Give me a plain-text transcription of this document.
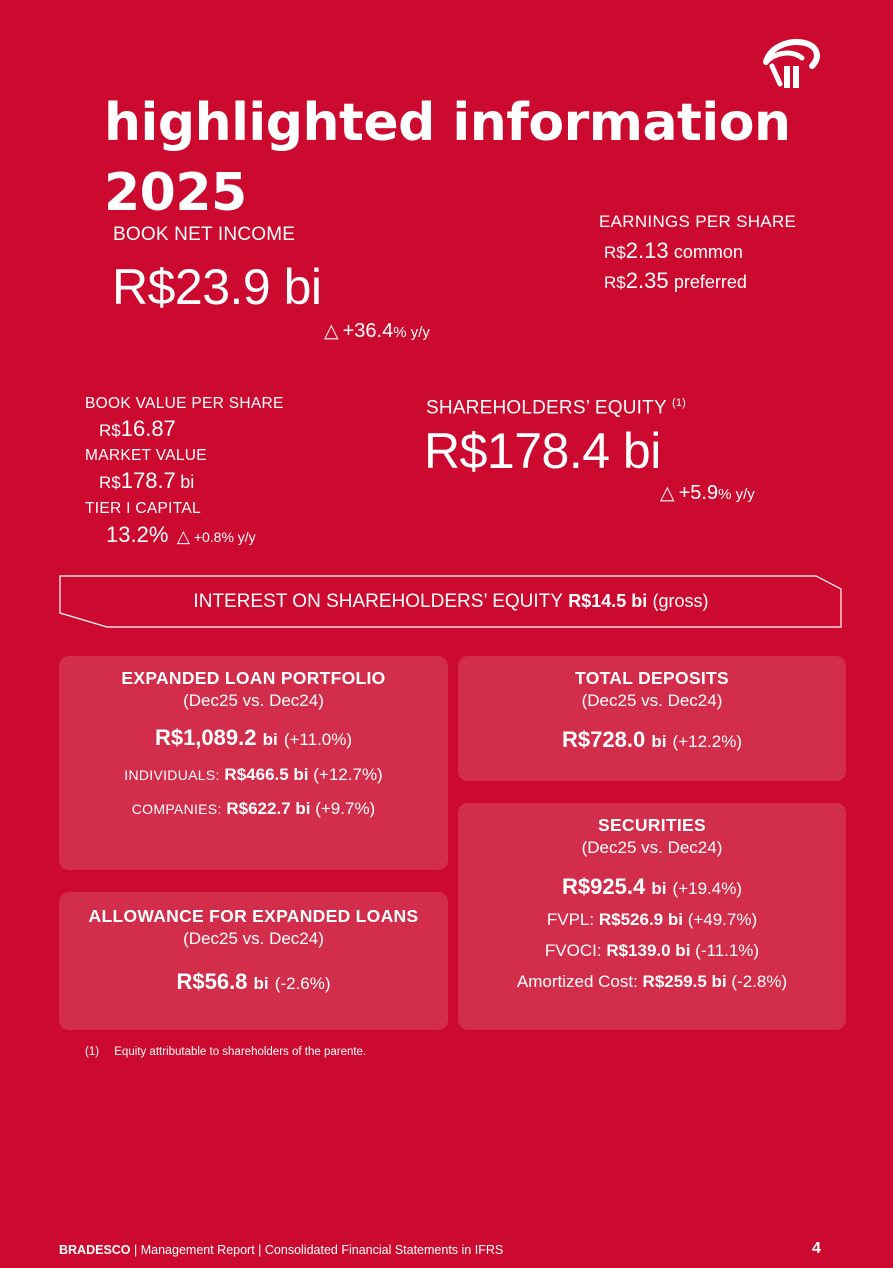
highlighted information 2025
BOOK NET INCOME
R$23.9 bi
△ +36.4% y/y
EARNINGS PER SHARE
R$2.13 common
R$2.35 preferred
BOOK VALUE PER SHARE
R$16.87
MARKET VALUE
R$178.7 bi
TIER I CAPITAL
13.2% △ +0.8% y/y
SHAREHOLDERS’ EQUITY $^{(1)}$
R$178.4 bi
△ +5.9% y/y
INTEREST ON SHAREHOLDERS’ EQUITY
R$14.5 bi
(gross)
EXPANDED LOAN PORTFOLIO
(Dec25 vs. Dec24)
R$1,089.2 bi (+11.0%)
INDIVIDUALS: R$466.5 bi (+12.7%)
COMPANIES: R$622.7 bi (+9.7%)
TOTAL DEPOSITS
(Dec25 vs. Dec24)
R$728.0 bi (+12.2%)
ALLOWANCE FOR EXPANDED LOANS
(Dec25 vs. Dec24)
R$56.8 bi (-2.6%)
SECURITIES
(Dec25 vs. Dec24)
R$925.4 bi (+19.4%)
FVPL: R$526.9 bi (+49.7%)
FVOCI: R$139.0 bi (-11.1%)
Amortized Cost: R$259.5 bi (-2.8%)
(1) Equity attributable to shareholders of the parente.
BRADESCO | Management Report | Consolidated Financial Statements in IFRS	4
